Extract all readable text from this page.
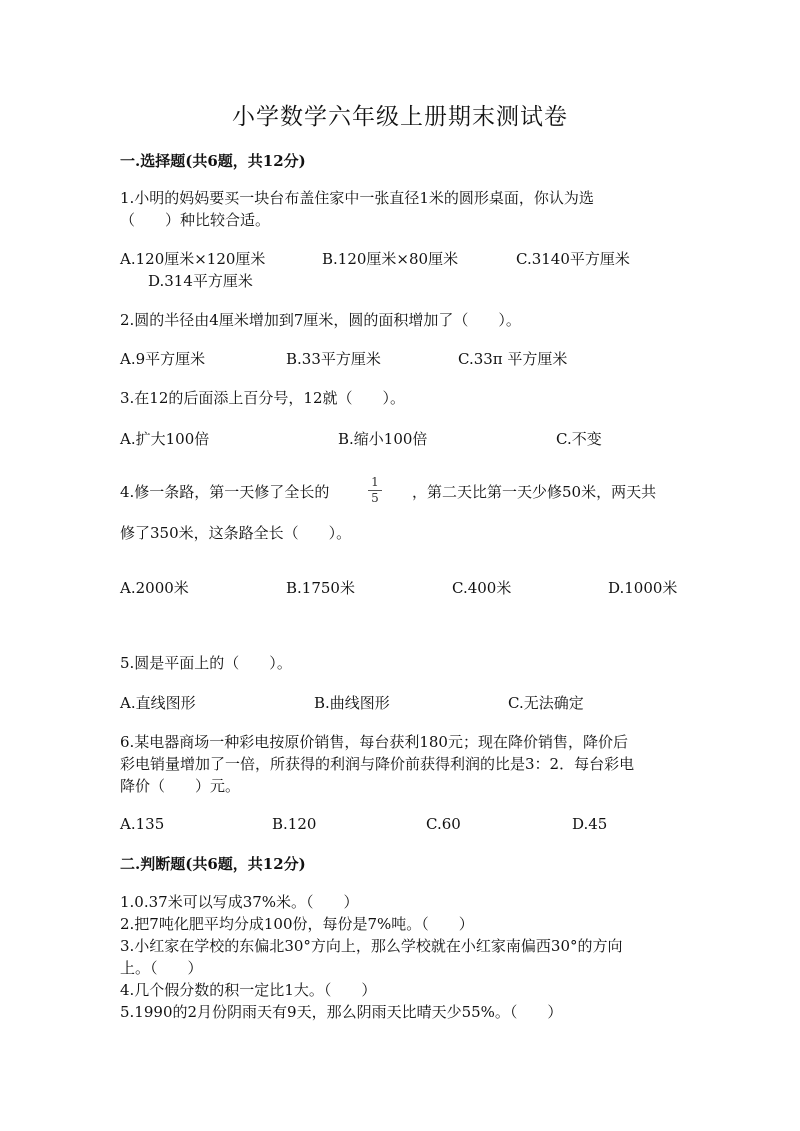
小学数学六年级上册期末测试卷
一.选择题(共6题，共12分)
1.小明的妈妈要买一块台布盖住家中一张直径1米的圆形桌面，你认为选
（　　）种比较合适。
A.120厘米×120厘米	B.120厘米×80厘米	C.3140平方厘米
D.314平方厘米
2.圆的半径由4厘米增加到7厘米，圆的面积增加了（　　）。
A.9平方厘米	B.33平方厘米	C.33π 平方厘米
3.在12的后面添上百分号，12就（　　）。
A.扩大100倍	B.缩小100倍	C.不变
4.修一条路，第一天修了全长的
1
5 ，第二天比第一天少修50米，两天共
修了350米，这条路全长（　　）。
A.2000米	B.1750米	C.400米	D.1000米
5.圆是平面上的（　　）。
A.直线图形	B.曲线图形	C.无法确定
6.某电器商场一种彩电按原价销售，每台获利180元；现在降价销售，降价后
彩电销量增加了一倍，所获得的利润与降价前获得利润的比是3：2．每台彩电
降价（　　）元。
A.135	B.120	C.60	D.45
二.判断题(共6题，共12分)
1.0.37米可以写成37%米。（　　）
2.把7吨化肥平均分成100份，每份是7%吨。（　　）
3.小红家在学校的东偏北30°方向上，那么学校就在小红家南偏西30°的方向
上。（　　）
4.几个假分数的积一定比1大。（　　）
5.1990的2月份阴雨天有9天，那么阴雨天比晴天少55%。（　　）
